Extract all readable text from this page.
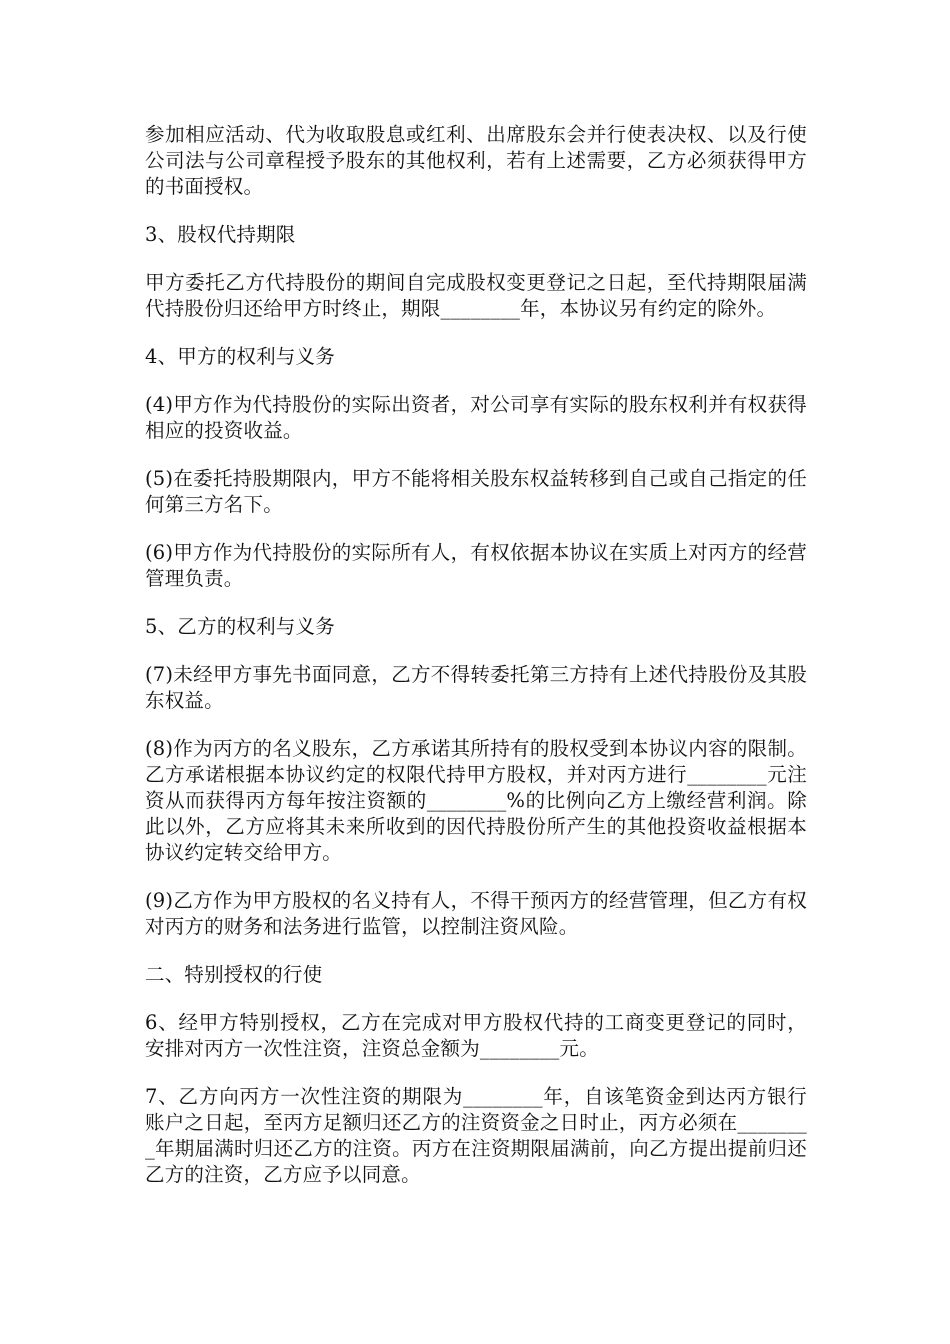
参加相应活动、代为收取股息或红利、出席股东会并行使表决权、以及行使公司法与公司章程授予股东的其他权利，若有上述需要，乙方必须获得甲方的书面授权。

3、股权代持期限

甲方委托乙方代持股份的期间自完成股权变更登记之日起，至代持期限届满代持股份归还给甲方时终止，期限________年，本协议另有约定的除外。

4、甲方的权利与义务

(4)甲方作为代持股份的实际出资者，对公司享有实际的股东权利并有权获得相应的投资收益。

(5)在委托持股期限内，甲方不能将相关股东权益转移到自己或自己指定的任何第三方名下。

(6)甲方作为代持股份的实际所有人，有权依据本协议在实质上对丙方的经营管理负责。

5、乙方的权利与义务

(7)未经甲方事先书面同意，乙方不得转委托第三方持有上述代持股份及其股东权益。

(8)作为丙方的名义股东，乙方承诺其所持有的股权受到本协议内容的限制。乙方承诺根据本协议约定的权限代持甲方股权，并对丙方进行________元注资从而获得丙方每年按注资额的________%的比例向乙方上缴经营利润。除此以外，乙方应将其未来所收到的因代持股份所产生的其他投资收益根据本协议约定转交给甲方。

(9)乙方作为甲方股权的名义持有人，不得干预丙方的经营管理，但乙方有权对丙方的财务和法务进行监管，以控制注资风险。

二、特别授权的行使

6、经甲方特别授权，乙方在完成对甲方股权代持的工商变更登记的同时，安排对丙方一次性注资，注资总金额为________元。

7、乙方向丙方一次性注资的期限为________年，自该笔资金到达丙方银行账户之日起，至丙方足额归还乙方的注资资金之日时止，丙方必须在________年期届满时归还乙方的注资。丙方在注资期限届满前，向乙方提出提前归还乙方的注资，乙方应予以同意。
